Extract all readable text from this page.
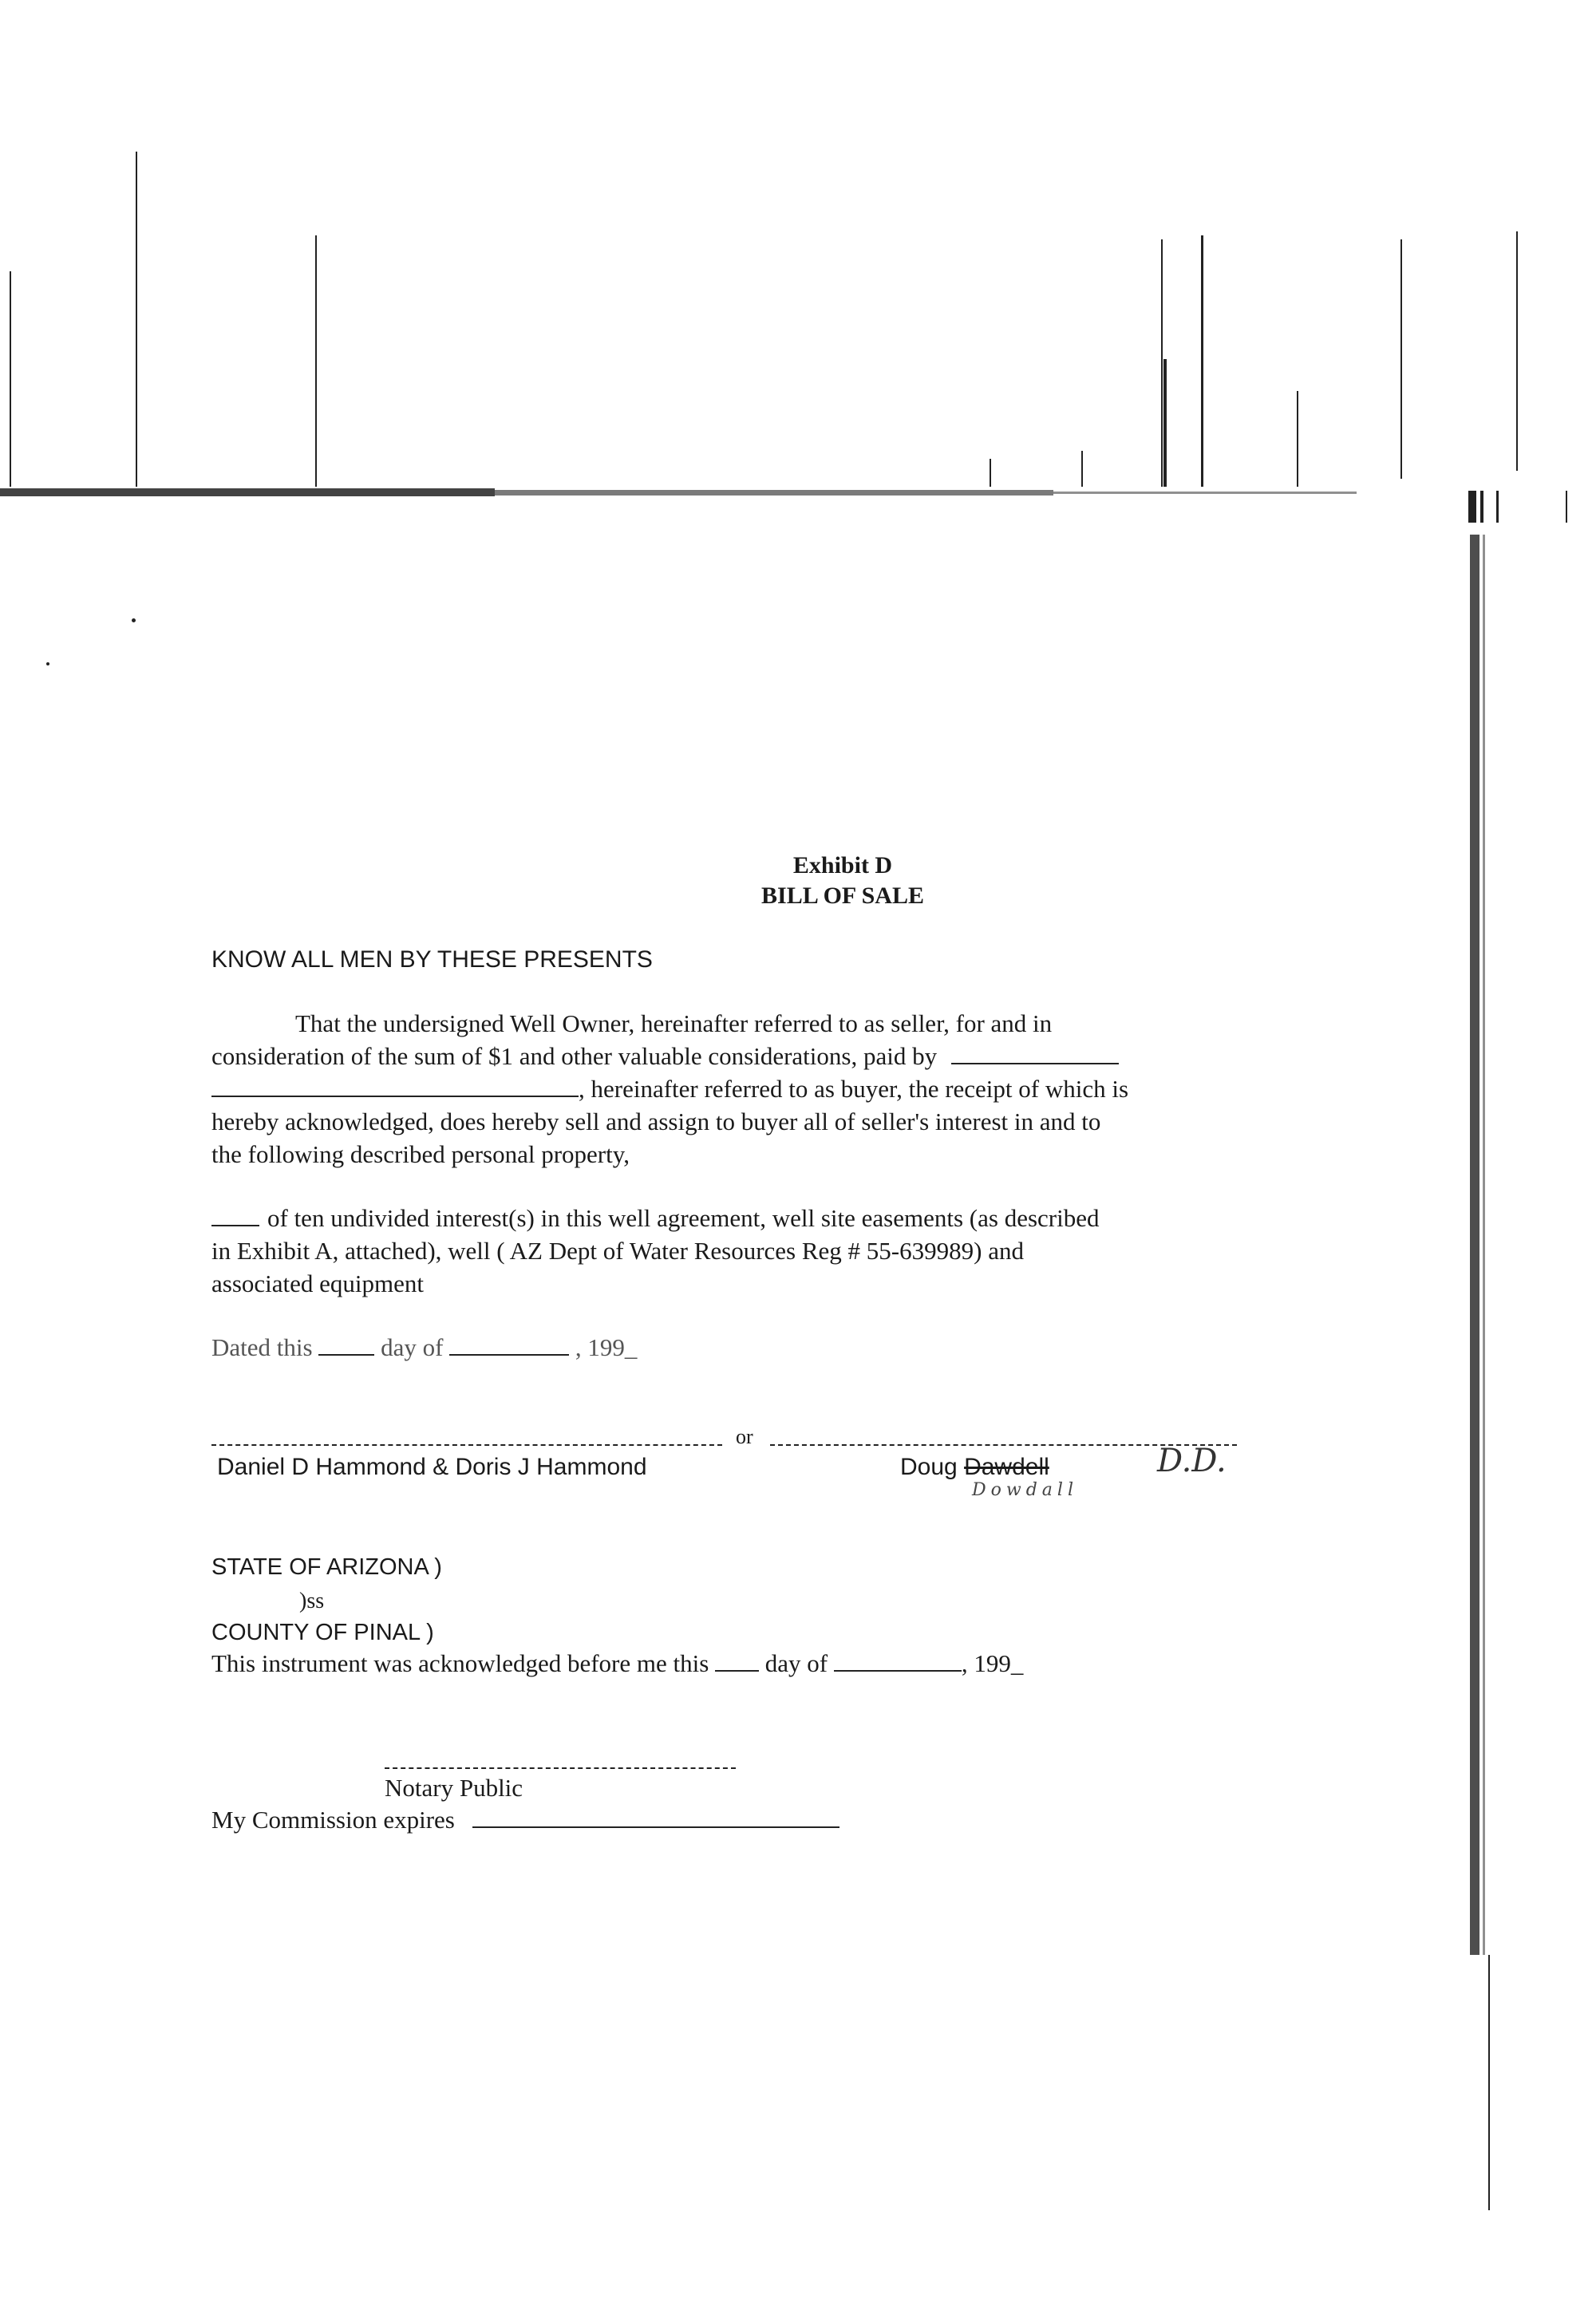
Exhibit D
BILL OF SALE
KNOW ALL MEN BY THESE PRESENTS
That the undersigned Well Owner, hereinafter referred to as seller, for and in
consideration of the sum of $1 and other valuable considerations, paid by
, hereinafter referred to as buyer, the receipt of which is
hereby acknowledged, does hereby sell and assign to buyer all of seller's interest in and to
the following described personal property,
of ten undivided interest(s) in this well agreement, well site easements (as described
in Exhibit A, attached), well ( AZ Dept of Water Resources Reg # 55-639989) and
associated equipment
Dated this	day of	, 199_
or
Daniel D Hammond & Doris J Hammond	Doug Dawdell
Dowdall
D.D.
STATE OF ARIZONA )
)ss
COUNTY OF PINAL )
This instrument was acknowledged before me this day of	, 199_
Notary Public
My Commission expires
